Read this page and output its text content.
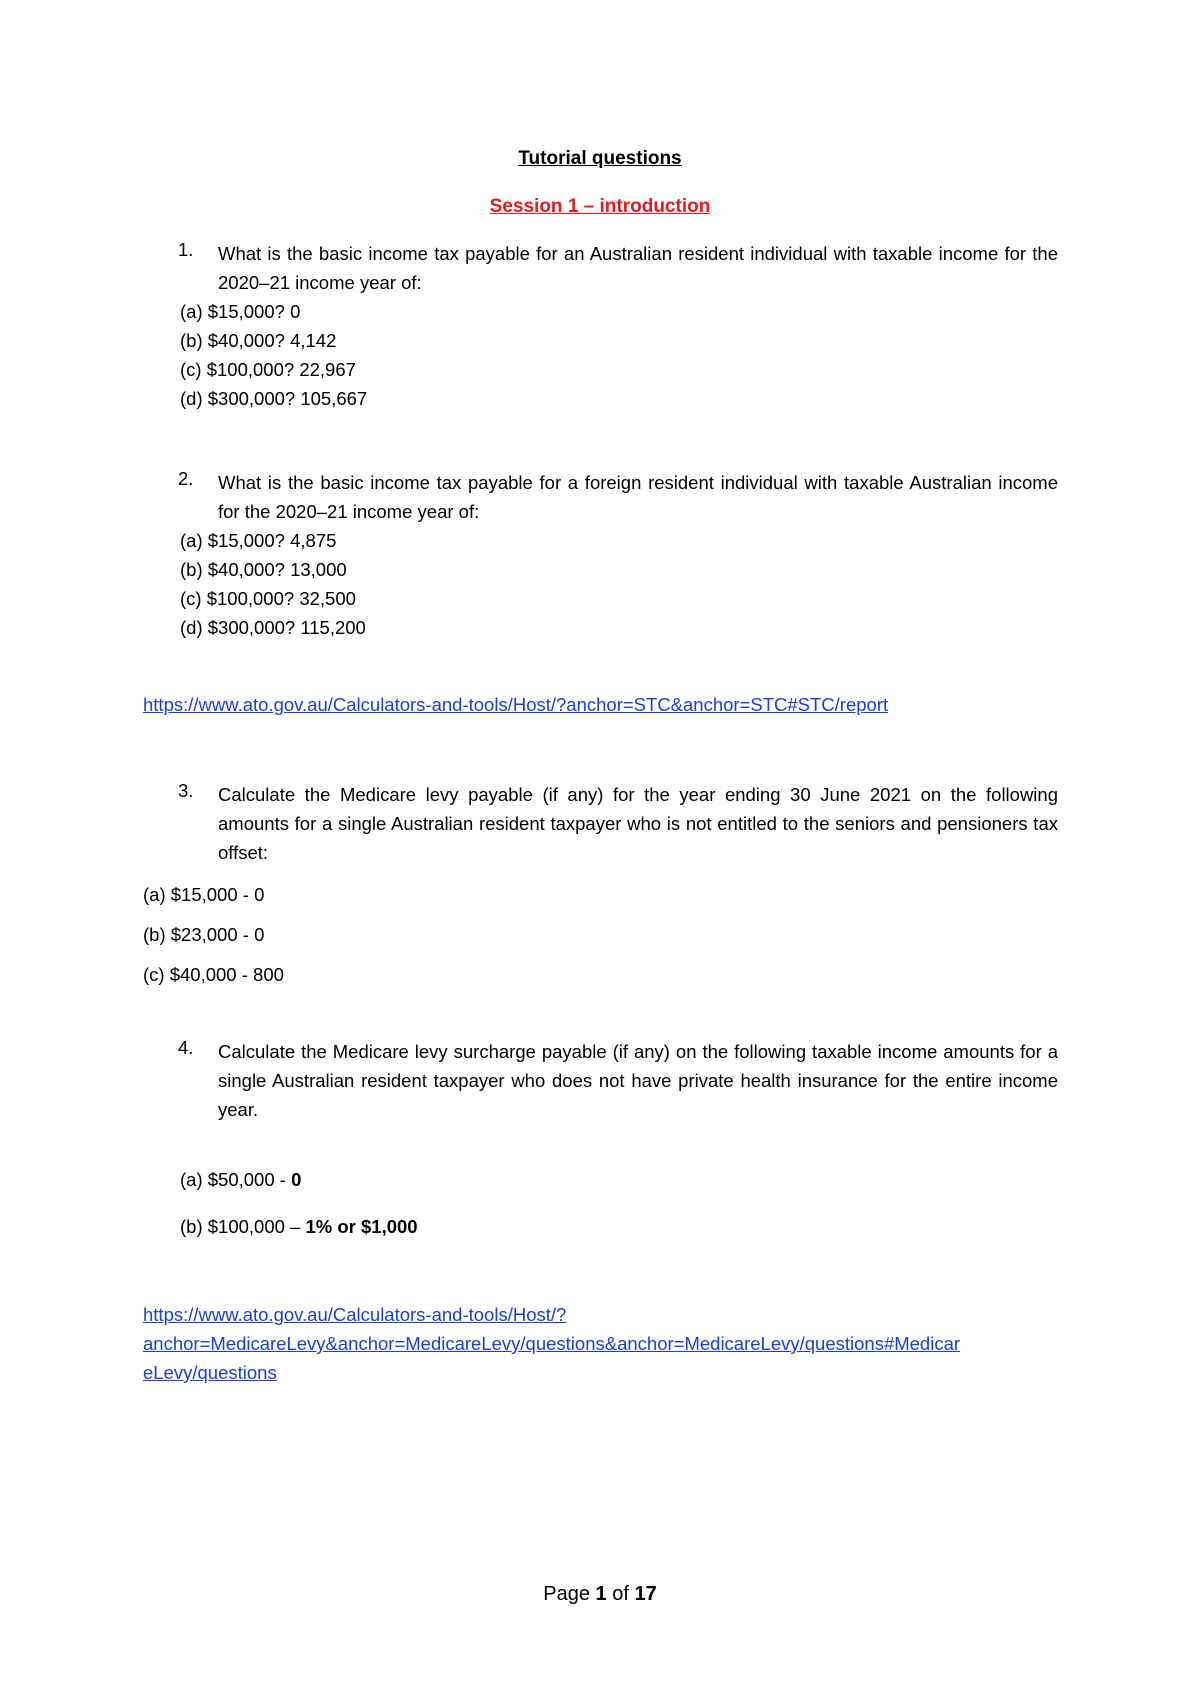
Tutorial questions
Session 1 – introduction
1. What is the basic income tax payable for an Australian resident individual with taxable income for the 2020–21 income year of:
(a) $15,000? 0
(b) $40,000? 4,142
(c) $100,000? 22,967
(d) $300,000? 105,667
2. What is the basic income tax payable for a foreign resident individual with taxable Australian income for the 2020–21 income year of:
(a) $15,000? 4,875
(b) $40,000? 13,000
(c) $100,000? 32,500
(d) $300,000? 115,200
https://www.ato.gov.au/Calculators-and-tools/Host/?anchor=STC&anchor=STC#STC/report
3. Calculate the Medicare levy payable (if any) for the year ending 30 June 2021 on the following amounts for a single Australian resident taxpayer who is not entitled to the seniors and pensioners tax offset:
(a) $15,000 - 0
(b) $23,000 - 0
(c) $40,000 - 800
4. Calculate the Medicare levy surcharge payable (if any) on the following taxable income amounts for a single Australian resident taxpayer who does not have private health insurance for the entire income year.
(a) $50,000 - 0
(b) $100,000 – 1% or $1,000
https://www.ato.gov.au/Calculators-and-tools/Host/?
anchor=MedicareLevy&anchor=MedicareLevy/questions&anchor=MedicareLevy/questions#Medicar
eLevy/questions
Page 1 of 17
